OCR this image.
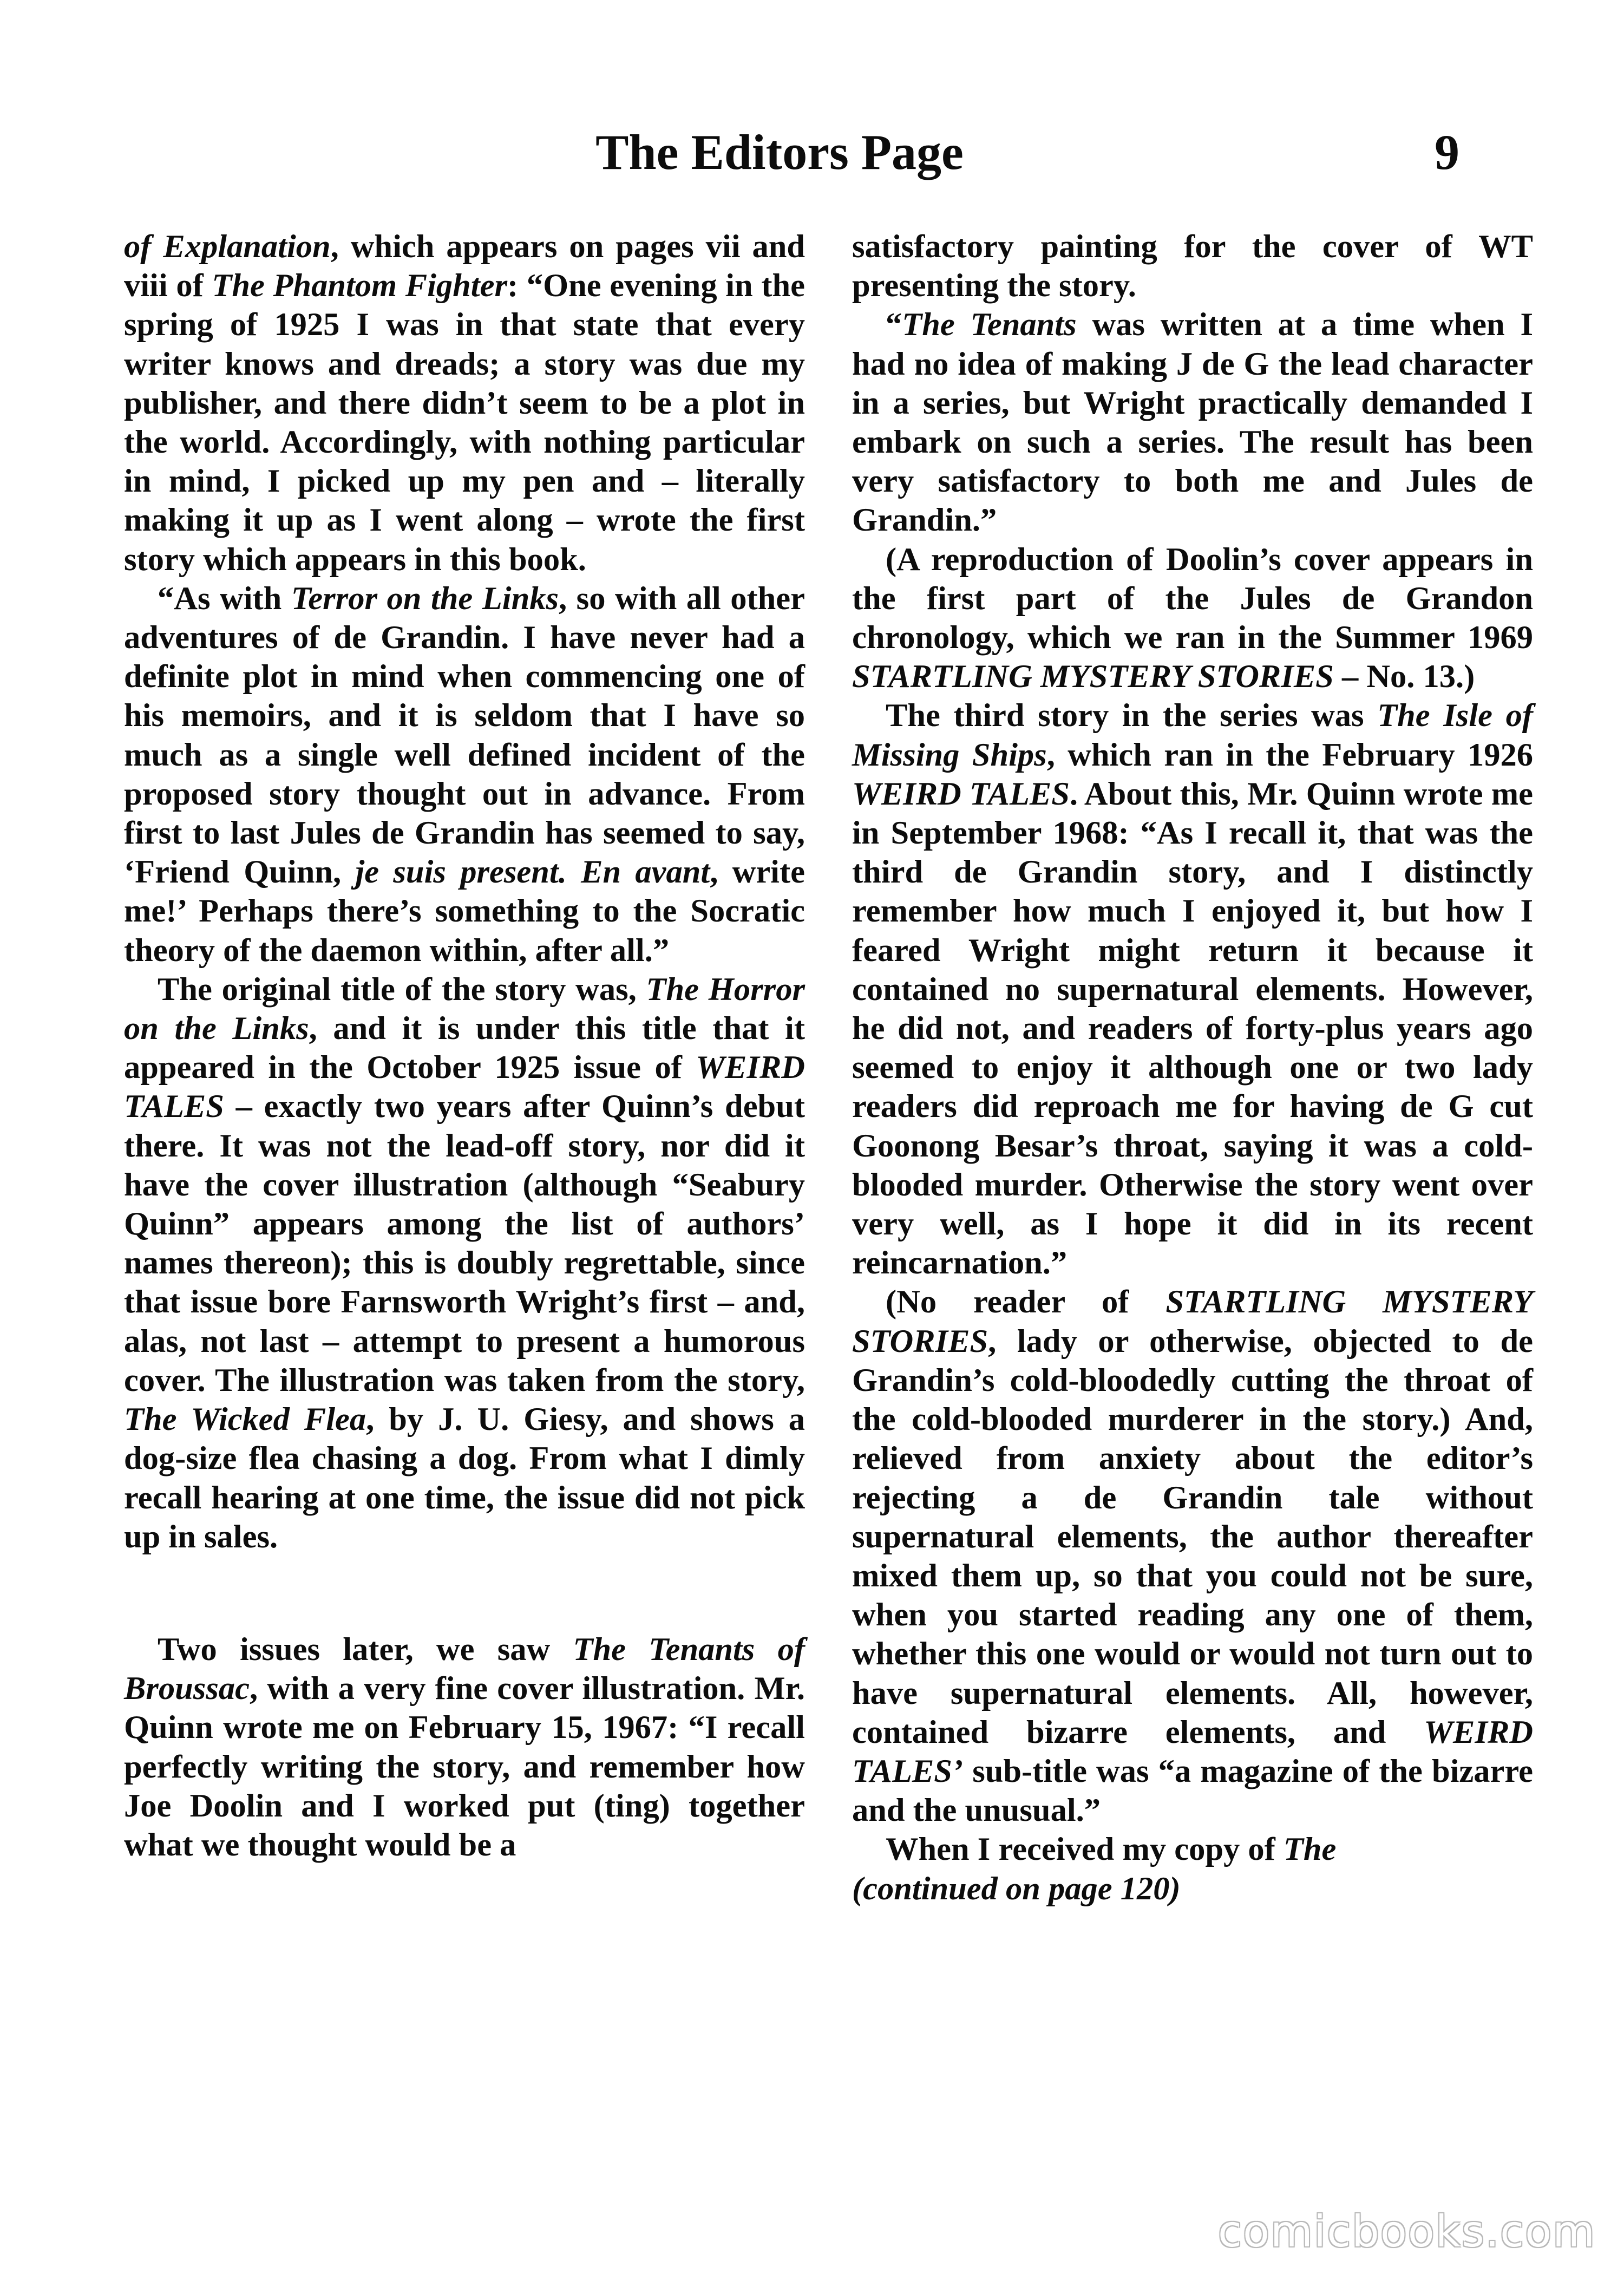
The Editors Page	9

of Explanation, which appears on pages vii and viii of The Phantom Fighter: “One evening in the spring of 1925 I was in that state that every writer knows and dreads; a story was due my publisher, and there didn’t seem to be a plot in the world. Accordingly, with nothing particular in mind, I picked up my pen and – literally making it up as I went along – wrote the first story which appears in this book.

“As with Terror on the Links, so with all other adventures of de Grandin. I have never had a definite plot in mind when commencing one of his memoirs, and it is seldom that I have so much as a single well defined incident of the proposed story thought out in advance. From first to last Jules de Grandin has seemed to say, ‘Friend Quinn, je suis present. En avant, write me!’ Perhaps there’s something to the Socratic theory of the daemon within, after all.”

The original title of the story was, The Horror on the Links, and it is under this title that it appeared in the October 1925 issue of WEIRD TALES – exactly two years after Quinn’s debut there. It was not the lead-off story, nor did it have the cover illustration (although “Seabury Quinn” appears among the list of authors’ names thereon); this is doubly regrettable, since that issue bore Farnsworth Wright’s first – and, alas, not last – attempt to present a humorous cover. The illustration was taken from the story, The Wicked Flea, by J. U. Giesy, and shows a dog-size flea chasing a dog. From what I dimly recall hearing at one time, the issue did not pick up in sales.

Two issues later, we saw The Tenants of Broussac, with a very fine cover illustration. Mr. Quinn wrote me on February 15, 1967: “I recall perfectly writing the story, and remember how Joe Doolin and I worked put (ting) together what we thought would be a

satisfactory painting for the cover of WT presenting the story.

“The Tenants was written at a time when I had no idea of making J de G the lead character in a series, but Wright practically demanded I embark on such a series. The result has been very satisfactory to both me and Jules de Grandin.”

(A reproduction of Doolin’s cover appears in the first part of the Jules de Grandon chronology, which we ran in the Summer 1969 STARTLING MYSTERY STORIES – No. 13.)

The third story in the series was The Isle of Missing Ships, which ran in the February 1926 WEIRD TALES. About this, Mr. Quinn wrote me in September 1968: “As I recall it, that was the third de Grandin story, and I distinctly remember how much I enjoyed it, but how I feared Wright might return it because it contained no supernatural elements. However, he did not, and readers of forty-plus years ago seemed to enjoy it although one or two lady readers did reproach me for having de G cut Goonong Besar’s throat, saying it was a cold-blooded murder. Otherwise the story went over very well, as I hope it did in its recent reincarnation.”

(No reader of STARTLING MYSTERY STORIES, lady or otherwise, objected to de Grandin’s cold-bloodedly cutting the throat of the cold-blooded murderer in the story.) And, relieved from anxiety about the editor’s rejecting a de Grandin tale without supernatural elements, the author thereafter mixed them up, so that you could not be sure, when you started reading any one of them, whether this one would or would not turn out to have supernatural elements. All, however, contained bizarre elements, and WEIRD TALES’ sub-title was “a magazine of the bizarre and the unusual.”

When I received my copy of The

(continued on page 120)

comicbooks.com
